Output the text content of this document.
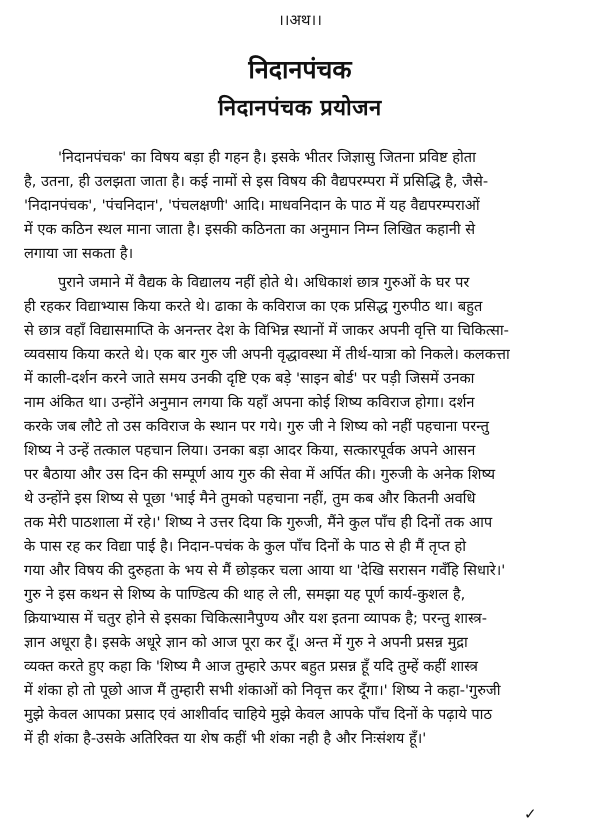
।।अथ।।
निदानपंचक
निदानपंचक प्रयोजन
'निदानपंचक' का विषय बड़ा ही गहन है। इसके भीतर जिज्ञासु जितना प्रविष्ट होता
है, उतना, ही उलझता जाता है। कई नामों से इस विषय की वैद्यपरम्परा में प्रसिद्धि है, जैसे-
'निदानपंचक', 'पंचनिदान', 'पंचलक्षणी' आदि। माधवनिदान के पाठ में यह वैद्यपरम्पराओं
में एक कठिन स्थल माना जाता है। इसकी कठिनता का अनुमान निम्न लिखित कहानी से
लगाया जा सकता है।
पुराने जमाने में वैद्यक के विद्यालय नहीं होते थे। अधिकाशं छात्र गुरुओं के घर पर
ही रहकर विद्याभ्यास किया करते थे। ढाका के कविराज का एक प्रसिद्ध गुरुपीठ था। बहुत
से छात्र वहाँ विद्यासमाप्ति के अनन्तर देश के विभिन्न स्थानों में जाकर अपनी वृत्ति या चिकित्सा-
व्यवसाय किया करते थे। एक बार गुरु जी अपनी वृद्धावस्था में तीर्थ-यात्रा को निकले। कलकत्ता
में काली-दर्शन करने जाते समय उनकी दृष्टि एक बड़े 'साइन बोर्ड' पर पड़ी जिसमें उनका
नाम अंकित था। उन्होंने अनुमान लगया कि यहाँ अपना कोई शिष्य कविराज होगा। दर्शन
करके जब लौटे तो उस कविराज के स्थान पर गये। गुरु जी ने शिष्य को नहीं पहचाना परन्तु
शिष्य ने उन्हें तत्काल पहचान लिया। उनका बड़ा आदर किया, सत्कारपूर्वक अपने आसन
पर बैठाया और उस दिन की सम्पूर्ण आय गुरु की सेवा में अर्पित की। गुरुजी के अनेक शिष्य
थे उन्होंने इस शिष्य से पूछा 'भाई मैने तुमको पहचाना नहीं, तुम कब और कितनी अवधि
तक मेरी पाठशाला में रहे।' शिष्य ने उत्तर दिया कि गुरुजी, मैंने कुल पाँच ही दिनों तक आप
के पास रह कर विद्या पाई है। निदान-पचंक के कुल पाँच दिनों के पाठ से ही मैं तृप्त हो
गया और विषय की दुरुहता के भय से मैं छोड़कर चला आया था 'देखि सरासन गवँहि सिधारे।'
गुरु ने इस कथन से शिष्य के पाण्डित्य की थाह ले ली, समझा यह पूर्ण कार्य-कुशल है,
क्रियाभ्यास में चतुर होने से इसका चिकित्सानैपुण्य और यश इतना व्यापक है; परन्तु शास्त्र-
ज्ञान अधूरा है। इसके अधूरे ज्ञान को आज पूरा कर दूँ। अन्त में गुरु ने अपनी प्रसन्न मुद्रा
व्यक्त करते हुए कहा कि 'शिष्य मै आज तुम्हारे ऊपर बहुत प्रसन्न हूँ यदि तुम्हें कहीं शास्त्र
में शंका हो तो पूछो आज मैं तुम्हारी सभी शंकाओं को निवृत्त कर दूँगा।' शिष्य ने कहा-'गुरुजी
मुझे केवल आपका प्रसाद एवं आशीर्वाद चाहिये मुझे केवल आपके पाँच दिनों के पढ़ाये पाठ
में ही शंका है-उसके अतिरिक्त या शेष कहीं भी शंका नही है और निःसंशय हूँ।'
✓
